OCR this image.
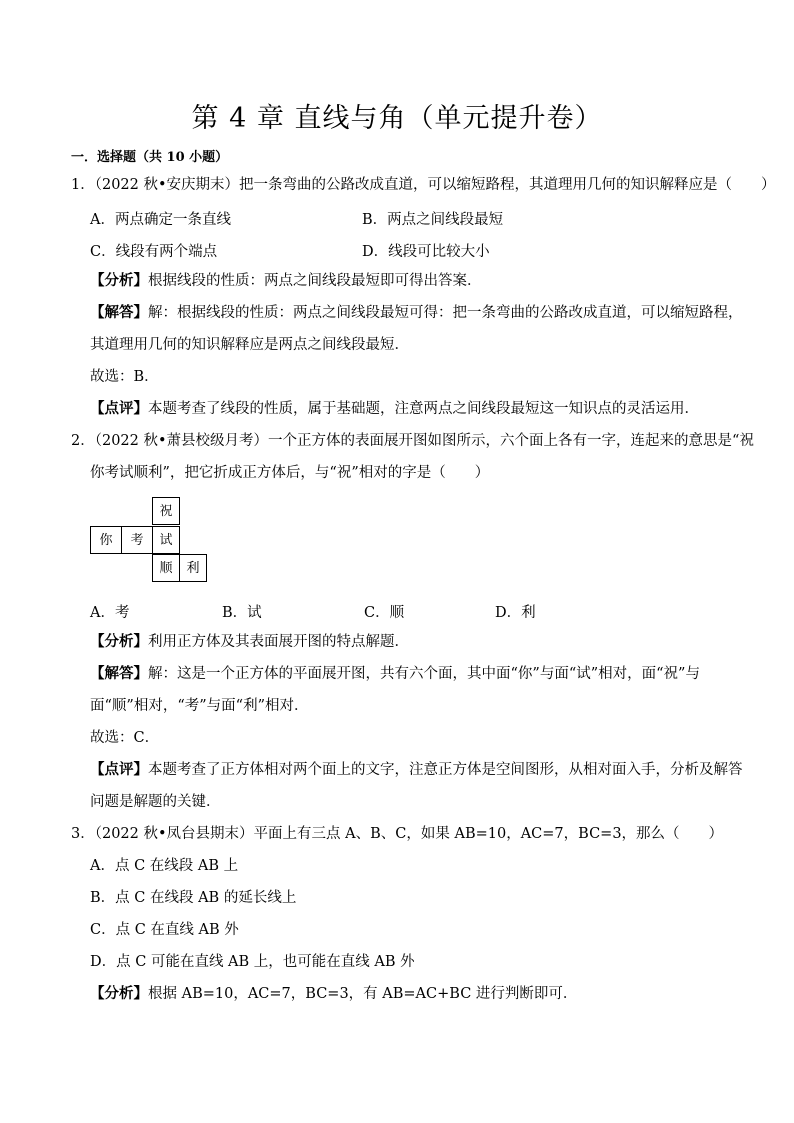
第 4 章 直线与角（单元提升卷）
一．选择题（共 10 小题）
1．（2022 秋•安庆期末）把一条弯曲的公路改成直道，可以缩短路程，其道理用几何的知识解释应是（　　）
A．两点确定一条直线	B．两点之间线段最短
C．线段有两个端点	D．线段可比较大小
【分析】根据线段的性质：两点之间线段最短即可得出答案．
【解答】解：根据线段的性质：两点之间线段最短可得：把一条弯曲的公路改成直道，可以缩短路程，
其道理用几何的知识解释应是两点之间线段最短．
故选：B．
【点评】本题考查了线段的性质，属于基础题，注意两点之间线段最短这一知识点的灵活运用．
2．（2022 秋•萧县校级月考）一个正方体的表面展开图如图所示，六个面上各有一字，连起来的意思是“祝
你考试顺利”，把它折成正方体后，与“祝”相对的字是（　　）
祝
你	考	试
顺	利
A．考	B．试	C．顺	D．利
【分析】利用正方体及其表面展开图的特点解题．
【解答】解：这是一个正方体的平面展开图，共有六个面，其中面“你”与面“试”相对，面“祝”与
面“顺”相对，“考”与面“利”相对．
故选：C．
【点评】本题考查了正方体相对两个面上的文字，注意正方体是空间图形，从相对面入手，分析及解答
问题是解题的关键．
3．（2022 秋•凤台县期末）平面上有三点 A、B、C，如果 AB=10，AC=7，BC=3，那么（　　）
A．点 C 在线段 AB 上
B．点 C 在线段 AB 的延长线上
C．点 C 在直线 AB 外
D．点 C 可能在直线 AB 上，也可能在直线 AB 外
【分析】根据 AB=10，AC=7，BC=3，有 AB=AC+BC 进行判断即可．
